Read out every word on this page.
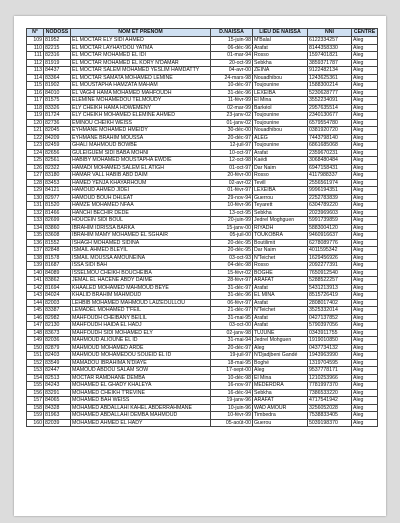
N°	NODOSS	NOM ET PRENOM	D.NAISSA	LIEU DE NAISSA	NNI	CENTRE
109	81952	EL MOCTAR ELY SIDI AHMED	15-juin-98	M'Balal	6122334257	Aleg
110	82215	EL MOCTAR LAYHAYDOU YATMA	06-déc-96	Arafat	8144358330	Aleg
111	82316	EL MOCTAR MOHAMED EL IDI	01-mar-94	Rosso	1597401821	Aleg
112	81919	EL MOCTAR MOHAMED EL KORY N'DAMAR	20-oct-99	Sebkha	3859371787	Aleg
113	84437	EL MOCTAR SALEM MOHAMED YESLIM HAMDATTY	04-avr-00	ZEINA	9122482134	Aleg
114	83364	EL MOCTAR SAMATA MOHAMED LEMINE	24-mars-98	Nouadhibou	1243625361	Aleg
115	81902	EL MOUSTAPHA HAMZATA MAHAM	10-déc-97	Toujounine	1588300214	Aleg
116	84010	EL VAGHI HAMA MOHAMED MAHFOUDH	31-déc-96	LEXEIBA	5230628777	Aleg
117	81575	ELEMINE MOHAMEDOU TELMOUDY	11-févr-99	El Mina	3552234091	Aleg
118	83326	ELY CHEIKH HAMA HOWEMENY	02-mar-99	Barkéol	2957635514	Aleg
119	81724	ELY CHEIKH MOHAMED ELEMINE AHMED	23-janv-02	Toujounine	2340130677	Aleg
120	82736	EMINOU CHEIKH WEISS	01-janv-02	Toujounine	6579554780	Aleg
121	82045	EYHMANE MOHAMED HMEIDY	30-déc-00	Nouadhibou	0381920720	Aleg
122	84209	EYHMANE BRAHIM MOUSSA	20-déc-97	ALEG	7443798140	Aleg
123	82459	GHALI MAHMOUD BOWBE	12-juil-97	Toujounine	6861685068	Aleg
124	82656	GULEIGUEM SIDI BABA MOHNI	10-oct-97	Arafat	2359670231	Aleg
125	82561	HABIBY MOHAMED MOUSTAPHA EWDIE	12-oct-98	Kaédi	3068480484	Aleg
126	82322	HAMADI MOHAMED SALEM EL ATIGH	01-oct-97	Dar Naim	6947158431	Aleg
127	83180	HAMAR VALL HABIB ABD DAIM	20-févr-00	Rosso	4117988337	Aleg
128	83453	HAMED YENJA KHAYARHOUM	02-avr-02	Tevill	2556561974	Aleg
129	84121	HAMOUD AHMED JIDEI	01-févr-97	LEXEIBA	9996194351	Aleg
130	82977	HAMOUD BOUH DHLEAT	29-nov-94	Guerrou	2252783839	Aleg
131	81520	HAMZE MOHAMED NFAA	10-févr-96	Teyarett	6304789220	Aleg
132	81466	HANCHI BECHIR DEDE	13-oct-95	Sebkha	2023969603	Aleg
133	82699	HOUCEIN SIDI BOUL	20-juin-99	Jedrel Moghguen	5991739859	Aleg
134	83860	IBRAHIM IDRISSA BARKA	15-janv-00	RIYADH	5883004120	Aleg
135	83608	IBRAHIM MAMY MOHAMED EL SGHAIR	05-juil-00	TOUKOBRA	9460916637	Aleg
136	81552	ISHAGH MOHAMED SIDINA	20-déc-95	Boutilimit	6278089776	Aleg
137	82848	ISMAIL AHMED BLEYIL	20-déc-95	Dar Naim	4011595342	Aleg
138	81578	ISMAIL MOUSSA AMOUNEINA	03-oct-93	N'Teichet	1629456926	Aleg
139	81687	ISSA SIDI BAH	04-déc-98	Rosso	2092277391	Aleg
140	84089	ISSELMOU CHEIKH BOUCHEIBA	15-févr-02	BOGHE	7650912540	Aleg
141	83862	JEMAL EL HACENE ABDY DAIME	28-févr-97	ARAFAT	5288522257	Aleg
142	81694	KHAALED MOHAMED MAHMOUD BEYE	31-déc-97	Arafat	5431213913	Aleg
143	84024	KHALID BRAHIM MAHMOUD	31-déc-96	EL MINA	8515726419	Aleg
144	82003	LEHBIB MOHAMED MAHMOUD LAIZEOULLOU	06-févr-97	Arafat	2808017402	Aleg
145	83387	LEMADEL MOHAMED T'FEIL	21-déc-97	N'Teichet	3525332014	Aleg
146	82982	MAHFOUDH CHEIBANY BEILIL	31-mai-95	Arafat	0427137852	Aleg
147	82130	MAHFOUDH HAIDA EL HADJ	03-oct-00	Arafat	5790397056	Aleg
148	83673	MAHFOUDH SIDI MOHAMED ELY	02-janv-98	TUJUNE	0343911755	Aleg
149	82036	MAHMOUD ALIOUNE EL ID	31-mai-94	Jedrel Mohguen	1919010850	Aleg
150	82879	MAHMOUD MOHAMED ARDE	20-déc-97	Aleg	0437734132	Aleg
151	82403	MAHMOUD MOHAMEDOU SOUEID EL ID	19-juil-97	N'Djadjbeni Gandé	1943963990	Aleg
152	83549	MAMADOU IBRAHIMA N'DIAYE	18-mai-95	Boghé	1319704595	Aleg
153	82447	MAMOUD ABDOU SALAM SOW	17-sept-00	Aleg	9537778171	Aleg
154	82513	MOCTAR RAMDHANE DEMBA	10-déc-98	El Mina	1210253966	Aleg
155	84243	MOHAMED EL GHADY KHALEYA	16-nov-97	MEDERDRA	7781997370	Aleg
156	83291	MOHAMED CHEIKH T'REVINE	16-déc-94	Sebkha	7386533220	Aleg
157	84065	MOHAMED BAH WEISS	19-janv-96	ARAFAT	4717541942	Aleg
158	84328	MOHAMED ABDALLAHI KAHEL ABDERRAHMANE	10-juin-96	WAD AMOUR	3256052028	Aleg
159	81963	MOHAMED ABDALLAHI DEMBA MAHMOUD	10-févr-99	Timbedra	7538833405	Aleg
160	82039	MOHAMED AHMED EL HADY	05-août-00	Guerou	5039198370	Aleg
